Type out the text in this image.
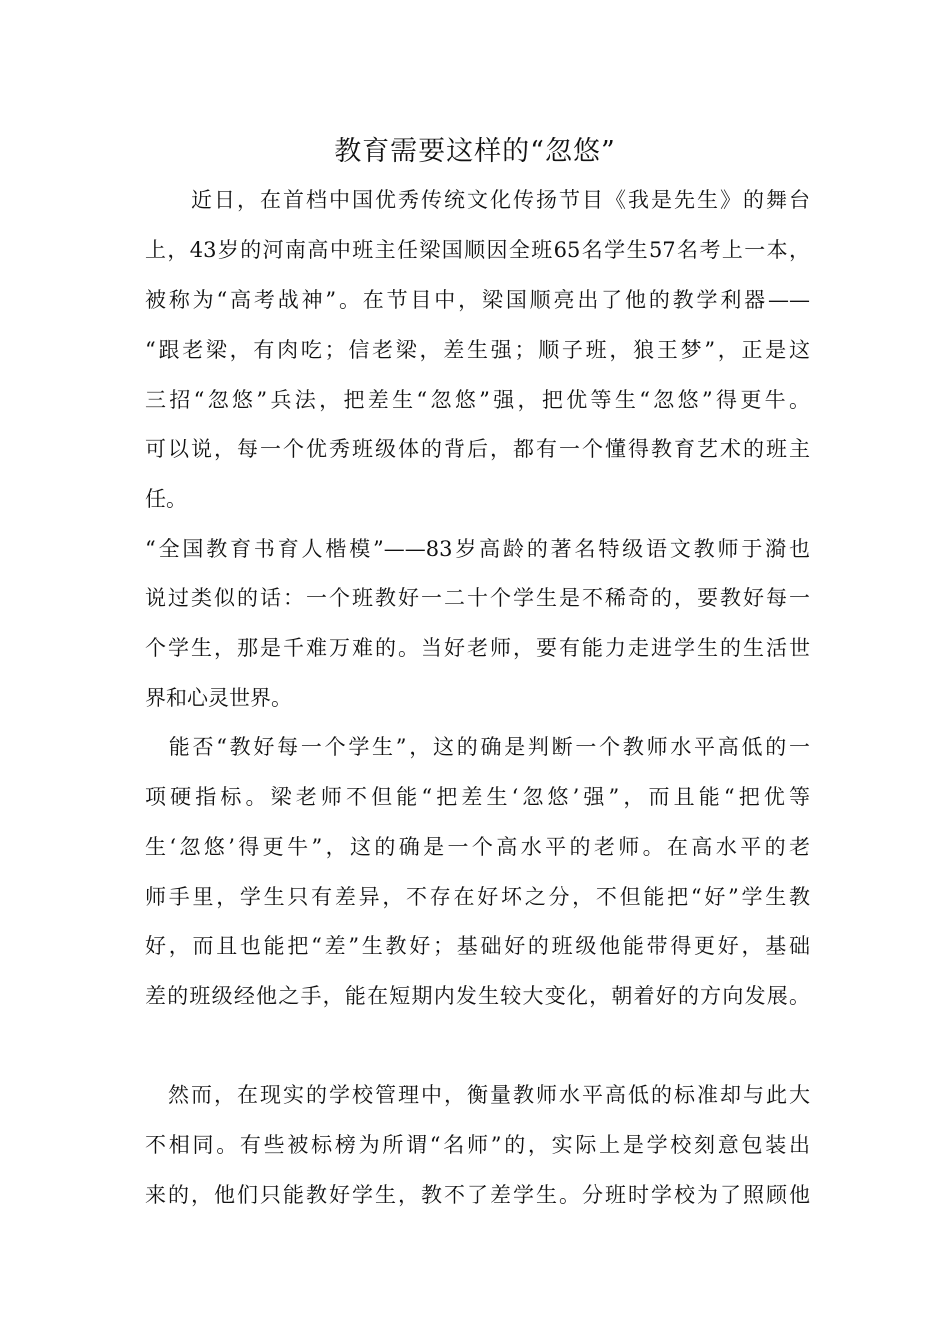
教育需要这样的“忽悠”
　　近日，在首档中国优秀传统文化传扬节目《我是先生》的舞台
上，43岁的河南高中班主任梁国顺因全班65名学生57名考上一本，
被称为“高考战神”。在节目中，梁国顺亮出了他的教学利器——
“跟老梁，有肉吃；信老梁，差生强；顺子班，狼王梦”，正是这
三招“忽悠”兵法，把差生“忽悠”强，把优等生“忽悠”得更牛。
可以说，每一个优秀班级体的背后，都有一个懂得教育艺术的班主
任。
“全国教育书育人楷模”——83岁高龄的著名特级语文教师于漪也
说过类似的话：一个班教好一二十个学生是不稀奇的，要教好每一
个学生，那是千难万难的。当好老师，要有能力走进学生的生活世
界和心灵世界。
　能否“教好每一个学生”，这的确是判断一个教师水平高低的一
项硬指标。梁老师不但能“把差生‘忽悠’强”，而且能“把优等
生‘忽悠’得更牛”，这的确是一个高水平的老师。在高水平的老
师手里，学生只有差异，不存在好坏之分，不但能把“好”学生教
好，而且也能把“差”生教好；基础好的班级他能带得更好，基础
差的班级经他之手，能在短期内发生较大变化，朝着好的方向发展。
　然而，在现实的学校管理中，衡量教师水平高低的标准却与此大
不相同。有些被标榜为所谓“名师”的，实际上是学校刻意包装出
来的，他们只能教好学生，教不了差学生。分班时学校为了照顾他
